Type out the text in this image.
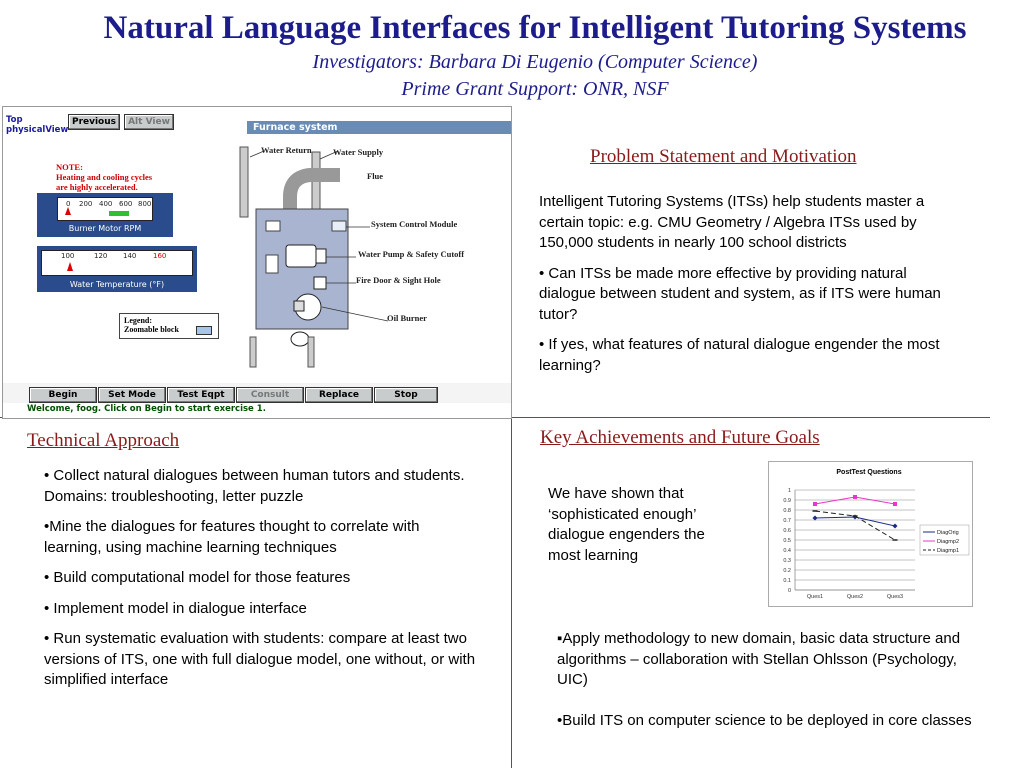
Natural Language Interfaces for Intelligent Tutoring Systems
Investigators: Barbara Di Eugenio (Computer Science)
Prime Grant Support: ONR, NSF
Top
physicalView
Previous	Alt View	Furnace system
NOTE:
Heating and cooling cycles
are highly accelerated.
0 200 400 600 800
Burner Motor RPM
100	120 140 160
Water Temperature (°F)
Water Return	Water Supply
Flue
System Control Module
Water Pump & Safety Cutoff
Fire Door & Sight Hole
Oil Burner
Legend:
Zoomable block
Begin	Set Mode	Test Eqpt	Consult	Replace	Stop
Welcome, foog. Click on Begin to start exercise 1.
Problem Statement and Motivation

Intelligent Tutoring Systems (ITSs) help students master a certain topic: e.g. CMU Geometry / Algebra ITSs used by 150,000 students in nearly 100 school districts

• Can ITSs be made more effective by providing natural dialogue between student and system, as if ITS were human tutor?

• If yes, what features of natural dialogue engender the most learning?

Technical Approach

• Collect natural dialogues between human tutors and students. Domains: troubleshooting, letter puzzle

•Mine the dialogues for features thought to correlate with learning, using machine learning techniques

• Build computational model for those features

• Implement model in dialogue interface

• Run systematic evaluation with students: compare at least two versions of ITS, one with full dialogue model, one without, or with simplified interface

Key Achievements and Future Goals
We have shown that ‘sophisticated enough’ dialogue engenders the most learning
▪Apply methodology to new domain, basic data structure and algorithms – collaboration with Stellan Ohlsson (Psychology, UIC)
•Build ITS on computer science to be deployed in core classes
PostTest Questions
0
0.1
0.2
0.3
0.4
0.5
0.6
0.7
0.8
0.9
1
Ques1	Ques2	Ques3
DiagOrig
Diagmp2
Diagmp1
